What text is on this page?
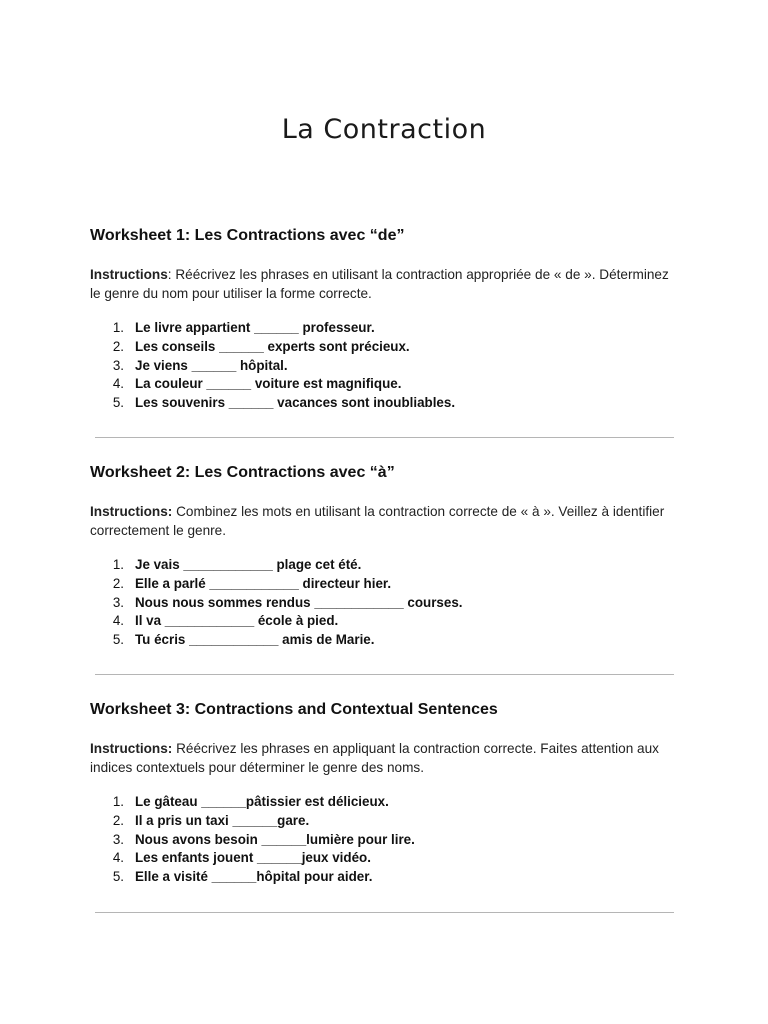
La Contraction
Worksheet 1: Les Contractions avec “de”

Instructions: Réécrivez les phrases en utilisant la contraction appropriée de « de ». Déterminez le genre du nom pour utiliser la forme correcte.

1. Le livre appartient ______ professeur.
2. Les conseils ______ experts sont précieux.
3. Je viens ______ hôpital.
4. La couleur ______ voiture est magnifique.
5. Les souvenirs ______ vacances sont inoubliables.
Worksheet 2: Les Contractions avec “à”

Instructions: Combinez les mots en utilisant la contraction correcte de « à ». Veillez à identifier correctement le genre.

1. Je vais ____________ plage cet été.
2. Elle a parlé ____________ directeur hier.
3. Nous nous sommes rendus ____________ courses.
4. Il va ____________ école à pied.
5. Tu écris ____________ amis de Marie.
Worksheet 3: Contractions and Contextual Sentences

Instructions: Réécrivez les phrases en appliquant la contraction correcte. Faites attention aux indices contextuels pour déterminer le genre des noms.

1. Le gâteau ______pâtissier est délicieux.
2. Il a pris un taxi ______gare.
3. Nous avons besoin ______lumière pour lire.
4. Les enfants jouent ______jeux vidéo.
5. Elle a visité ______hôpital pour aider.
